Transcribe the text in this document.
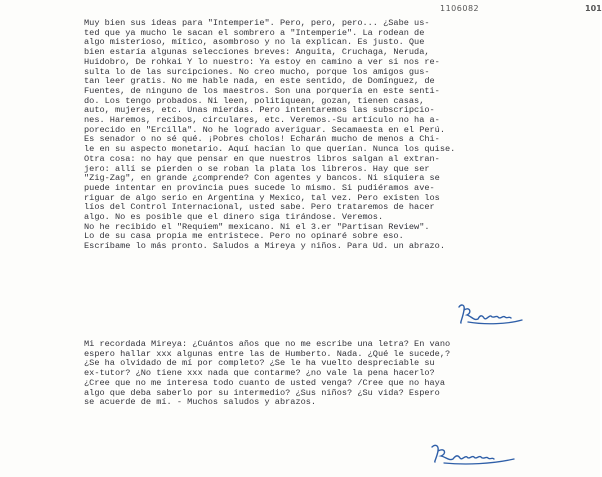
1106082	101
Muy bien sus ideas para "Intemperie". Pero, pero, pero... ¿Sabe us-
ted que ya mucho le sacan el sombrero a "Intemperie". La rodean de
algo misterioso, mítico, asombroso y no la explican. Es justo. Que
bien estaría algunas selecciones breves: Anguita, Cruchaga, Neruda,
Huidobro, De rohkai Y lo nuestro: Ya estoy en camino a ver si nos re-
sulta lo de las surcipciones. No creo mucho, porque los amigos gus-
tan leer gratis. No me hable nada, en este sentido, de Domínguez, de
Fuentes, de ninguno de los maestros. Son una porquería en este senti-
do. Los tengo probados. Ni leen, politiquean, gozan, tienen casas,
auto, mujeres, etc. Unas mierdas. Pero intentaremos las subscripcio-
nes. Haremos, recibos, circulares, etc. Veremos.-Su artículo no ha a-
porecido en "Ercilla". No he logrado averiguar. Secamaesta en el Perú.
Es senador o no sé qué. ¡Pobres cholos! Echarán mucho de menos a Chi-
le en su aspecto monetario. Aquí hacían lo que querían. Nunca los quise.
Otra cosa: no hay que pensar en que nuestros libros salgan al extran-
jero: allí se pierden o se roban la plata los libreros. Hay que ser
"Zig-Zag", en grande ¿comprende? Con agentes y bancos. Ni siquiera se
puede intentar en provincia pues sucede lo mismo. Si pudiéramos ave-
riguar de algo serio en Argentina y Mexico, tal vez. Pero existen los
líos del Control Internacional, usted sabe. Pero trataremos de hacer
algo. No es posible que el dinero siga tirándose. Veremos.
No he recibido el "Requiem" mexicano. Ni el 3.er "Partisan Review".
Lo de su casa propia me entristece. Pero no opinaré sobre eso.
Escríbame lo más pronto. Saludos a Mireya y niños. Para Ud. un abrazo.
Mi recordada Mireya: ¿Cuántos años que no me escribe una letra? En vano
espero hallar xxx algunas entre las de Humberto. Nada. ¿Qué le sucede,?
¿Se ha olvidado de mí por completo? ¿Se le ha vuelto despreciable su
ex-tutor? ¿No tiene xxx nada que contarme? ¿no vale la pena hacerlo?
¿Cree que no me interesa todo cuanto de usted venga? /Cree que no haya
algo que deba saberlo por su intermedio? ¿Sus niños? ¿Su vida? Espero
se acuerde de mí. - Muchos saludos y abrazos.
